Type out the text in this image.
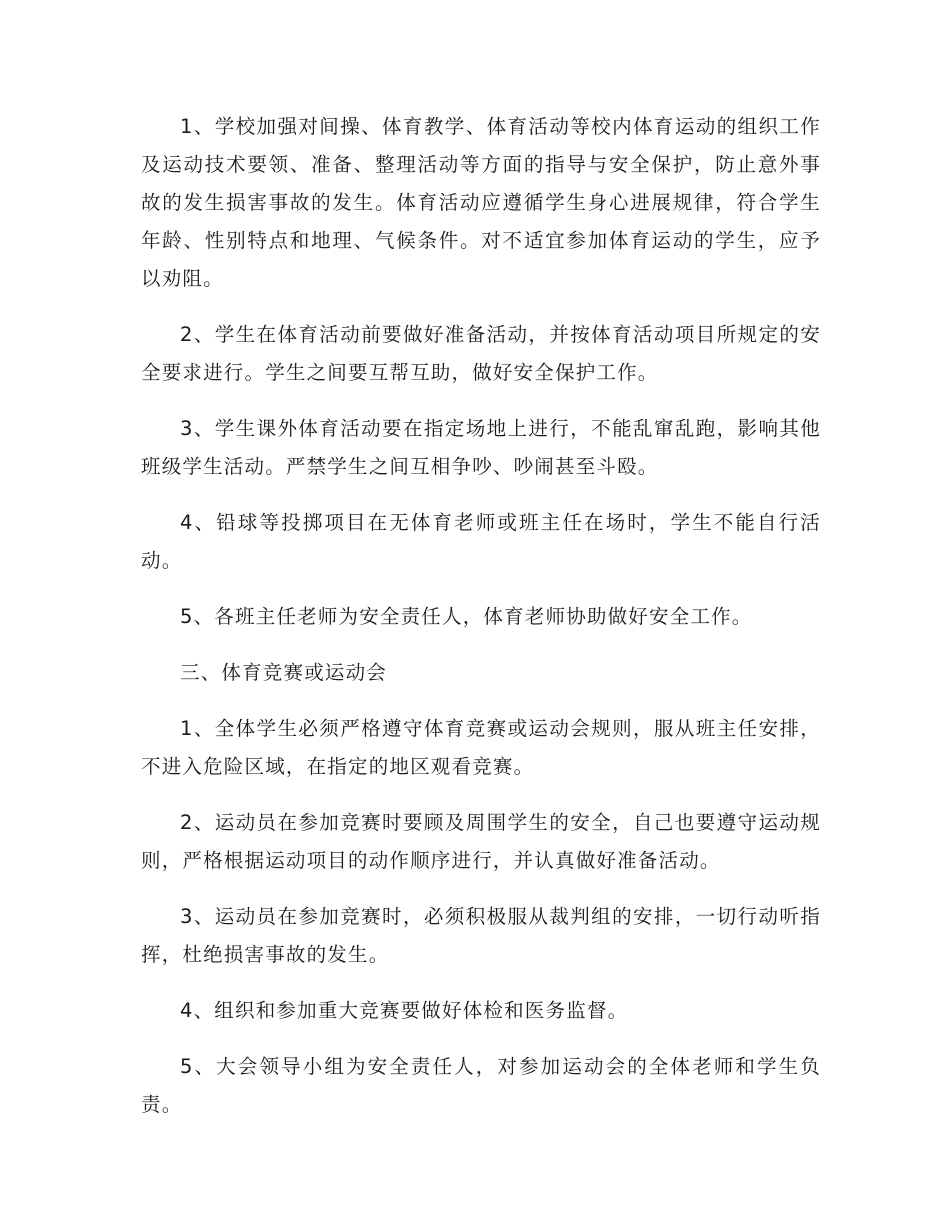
1、学校加强对间操、体育教学、体育活动等校内体育运动的组织工作及运动技术要领、准备、整理活动等方面的指导与安全保护，防止意外事故的发生损害事故的发生。体育活动应遵循学生身心进展规律，符合学生年龄、性别特点和地理、气候条件。对不适宜参加体育运动的学生，应予以劝阻。

2、学生在体育活动前要做好准备活动，并按体育活动项目所规定的安全要求进行。学生之间要互帮互助，做好安全保护工作。

3、学生课外体育活动要在指定场地上进行，不能乱窜乱跑，影响其他班级学生活动。严禁学生之间互相争吵、吵闹甚至斗殴。

4、铅球等投掷项目在无体育老师或班主任在场时，学生不能自行活动。

5、各班主任老师为安全责任人，体育老师协助做好安全工作。

三、体育竞赛或运动会

1、全体学生必须严格遵守体育竞赛或运动会规则，服从班主任安排，不进入危险区域，在指定的地区观看竞赛。

2、运动员在参加竞赛时要顾及周围学生的安全，自己也要遵守运动规则，严格根据运动项目的动作顺序进行，并认真做好准备活动。

3、运动员在参加竞赛时，必须积极服从裁判组的安排，一切行动听指挥，杜绝损害事故的发生。

4、组织和参加重大竞赛要做好体检和医务监督。

5、大会领导小组为安全责任人，对参加运动会的全体老师和学生负责。
